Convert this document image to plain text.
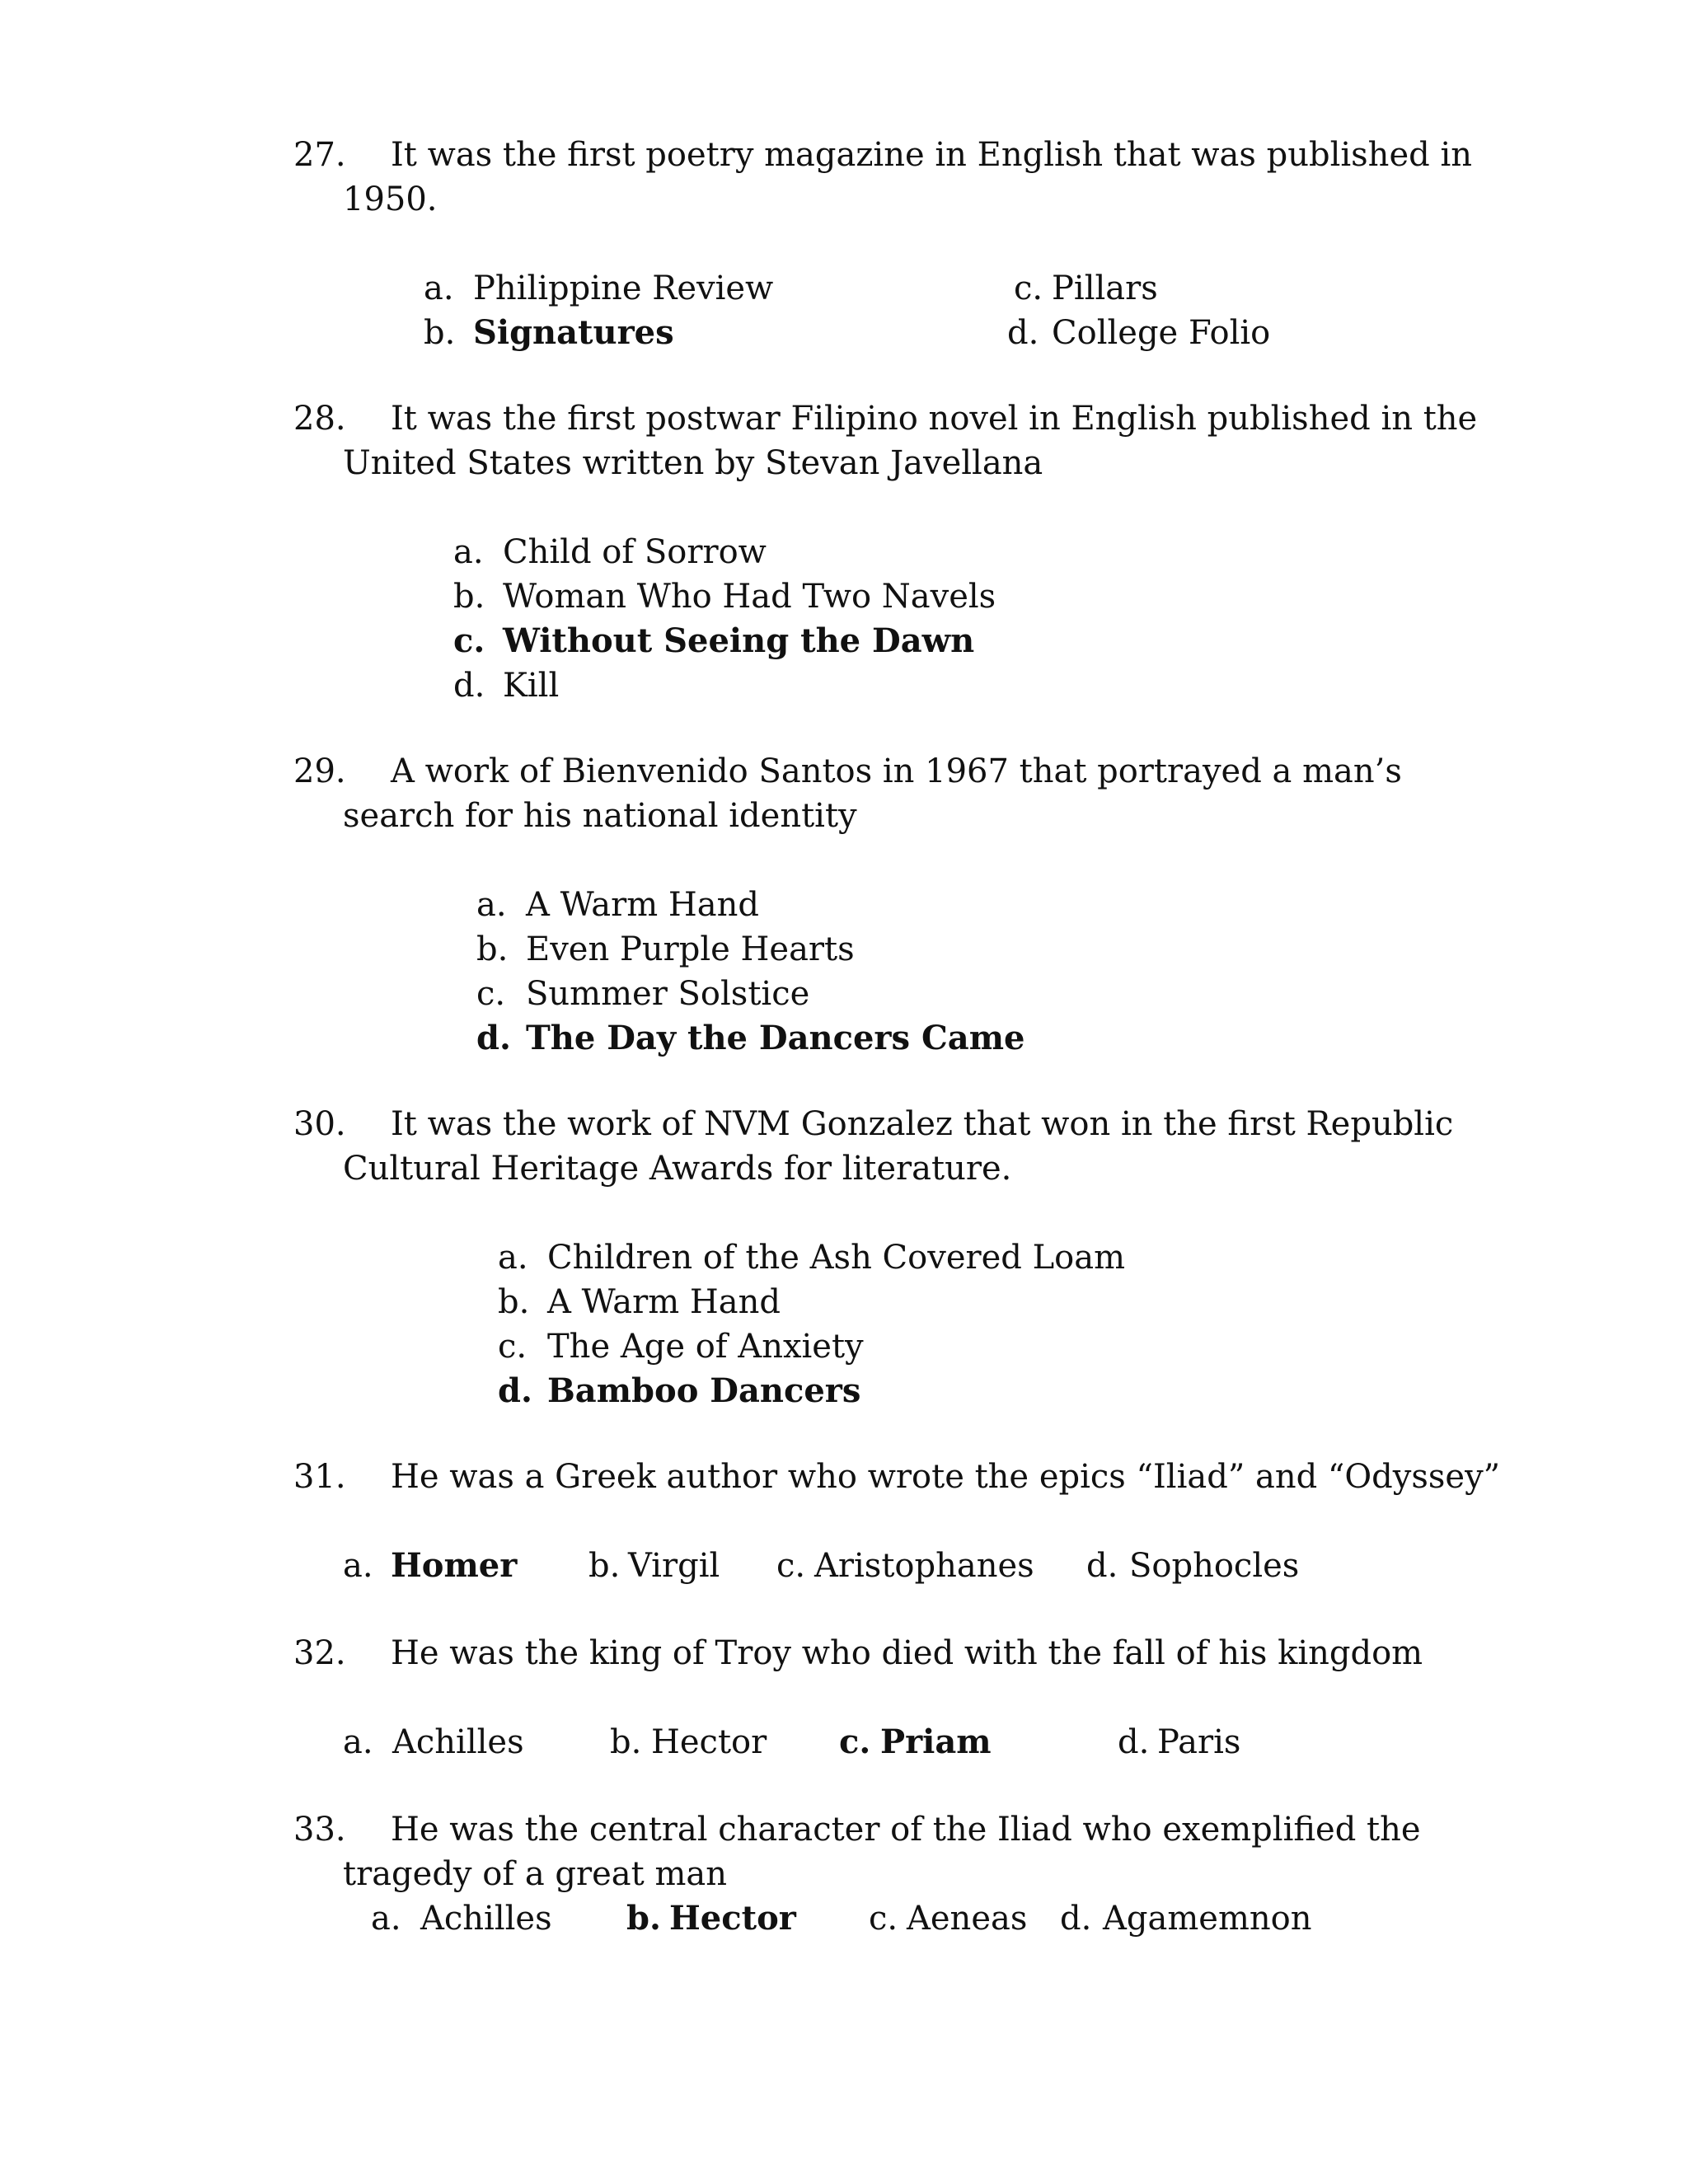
27. It was the first poetry magazine in English that was published in
1950.
a. Philippine Review	c. Pillars
b. Signatures	d. College Folio
28. It was the first postwar Filipino novel in English published in the
United States written by Stevan Javellana
a. Child of Sorrow
b. Woman Who Had Two Navels
c. Without Seeing the Dawn
d. Kill
29. A work of Bienvenido Santos in 1967 that portrayed a man’s
search for his national identity
a. A Warm Hand
b. Even Purple Hearts
c. Summer Solstice
d. The Day the Dancers Came
30. It was the work of NVM Gonzalez that won in the first Republic
Cultural Heritage Awards for literature.
a. Children of the Ash Covered Loam
b. A Warm Hand
c. The Age of Anxiety
d. Bamboo Dancers
31. He was a Greek author who wrote the epics “Iliad” and “Odyssey”
a. Homer b. Virgil c. Aristophanes d. Sophocles
32. He was the king of Troy who died with the fall of his kingdom
a. Achilles	b. Hector c. Priam	d. Paris
33. He was the central character of the Iliad who exemplified the
tragedy of a great man
a. Achilles b. Hector c. Aeneas d. Agamemnon
